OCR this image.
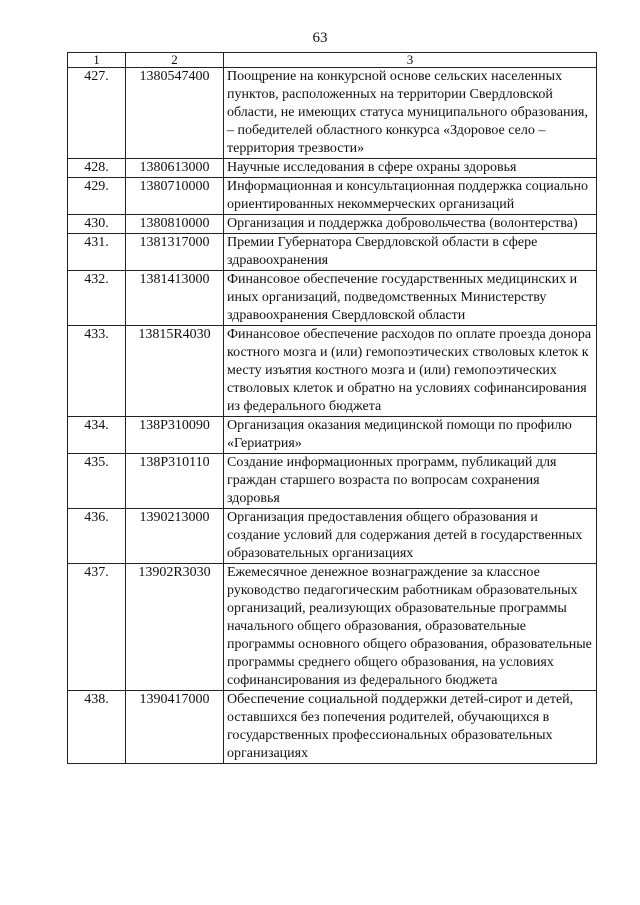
63
1	2	3
427.	1380547400	Поощрение на конкурсной основе сельских населенных пунктов, расположенных на территории Свердловской области, не имеющих статуса муниципального образования, – победителей областного конкурса «Здоровое село – территория трезвости»
428.	1380613000	Научные исследования в сфере охраны здоровья
429.	1380710000	Информационная и консультационная поддержка социально ориентированных некоммерческих организаций
430.	1380810000	Организация и поддержка добровольчества (волонтерства)
431.	1381317000	Премии Губернатора Свердловской области в сфере здравоохранения
432.	1381413000	Финансовое обеспечение государственных медицинских и иных организаций, подведомственных Министерству здравоохранения Свердловской области
433.	13815R4030	Финансовое обеспечение расходов по оплате проезда донора костного мозга и (или) гемопоэтических стволовых клеток к месту изъятия костного мозга и (или) гемопоэтических стволовых клеток и обратно на условиях софинансирования из федерального бюджета
434.	138P310090	Организация оказания медицинской помощи по профилю «Гериатрия»
435.	138P310110	Создание информационных программ, публикаций для граждан старшего возраста по вопросам сохранения здоровья
436.	1390213000	Организация предоставления общего образования и создание условий для содержания детей в государственных образовательных организациях
437.	13902R3030	Ежемесячное денежное вознаграждение за классное руководство педагогическим работникам образовательных организаций, реализующих образовательные программы начального общего образования, образовательные программы основного общего образования, образовательные программы среднего общего образования, на условиях софинансирования из федерального бюджета
438.	1390417000	Обеспечение социальной поддержки детей-сирот и детей, оставшихся без попечения родителей, обучающихся в государственных профессиональных образовательных организациях
